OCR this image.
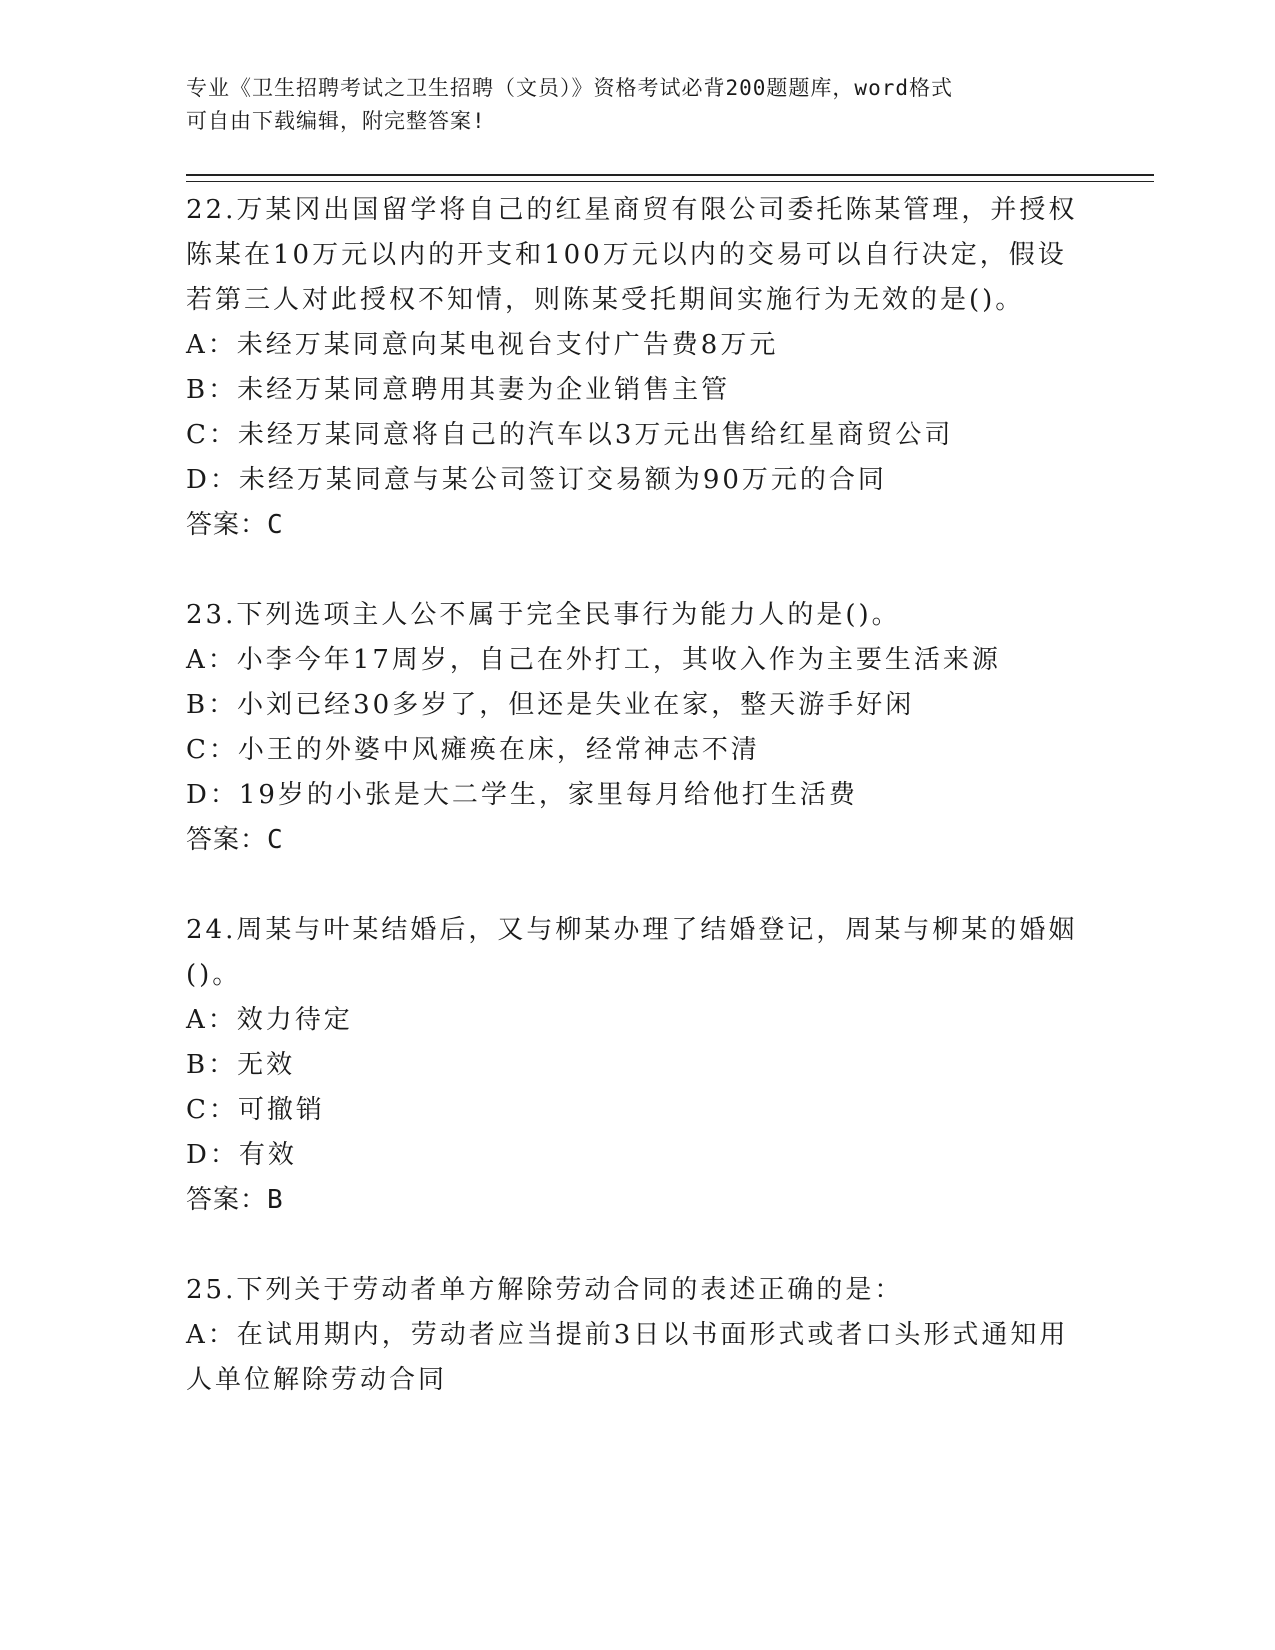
专业《卫生招聘考试之卫生招聘（文员）》资格考试必背200题题库，word格式
可自由下载编辑，附完整答案!

22.万某冈出国留学将自己的红星商贸有限公司委托陈某管理，并授权陈某在10万元以内的开支和100万元以内的交易可以自行决定，假设若第三人对此授权不知情，则陈某受托期间实施行为无效的是()。

A：未经万某同意向某电视台支付广告费8万元

B：未经万某同意聘用其妻为企业销售主管

C：未经万某同意将自己的汽车以3万元出售给红星商贸公司

D：未经万某同意与某公司签订交易额为90万元的合同

答案：C

23.下列选项主人公不属于完全民事行为能力人的是()。

A：小李今年17周岁，自己在外打工，其收入作为主要生活来源

B：小刘已经30多岁了，但还是失业在家，整天游手好闲

C：小王的外婆中风瘫痪在床，经常神志不清

D：19岁的小张是大二学生，家里每月给他打生活费

答案：C

24.周某与叶某结婚后，又与柳某办理了结婚登记，周某与柳某的婚姻()。

A：效力待定

B：无效

C：可撤销

D：有效

答案：B

25.下列关于劳动者单方解除劳动合同的表述正确的是：

A：在试用期内，劳动者应当提前3日以书面形式或者口头形式通知用人单位解除劳动合同
